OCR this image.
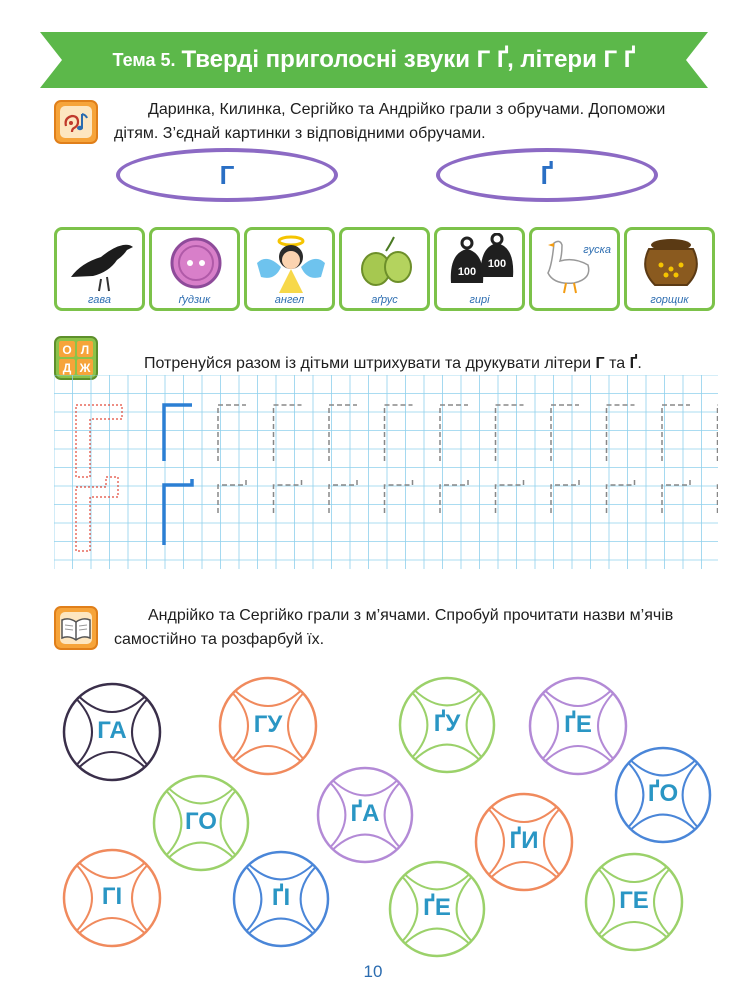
Тема 5. Тверді приголосні звуки Г Ґ, літери Г Ґ
Даринка, Килинка, Сергійко та Андрійко грали з обручами. Допоможи дітям. З’єднай картинки з відповідними обручами.
Г	Ґ
гава	ґудзик	ангел	аґрус
100
100
гирі
гуска
горщик
О Л
Д Ж	Потренуйся разом із дітьми штрихувати та друкувати літери Г та Ґ.
Андрійко та Сергійко грали з м’ячами. Спробуй прочитати назви м’ячів самостійно та розфарбуй їх.
ГА	ГУ	ҐУ	ҐЕ
ҐО
ГО	ҐА
ҐИ
ГІ	ҐІ	ҐЕ	ГЕ
10
